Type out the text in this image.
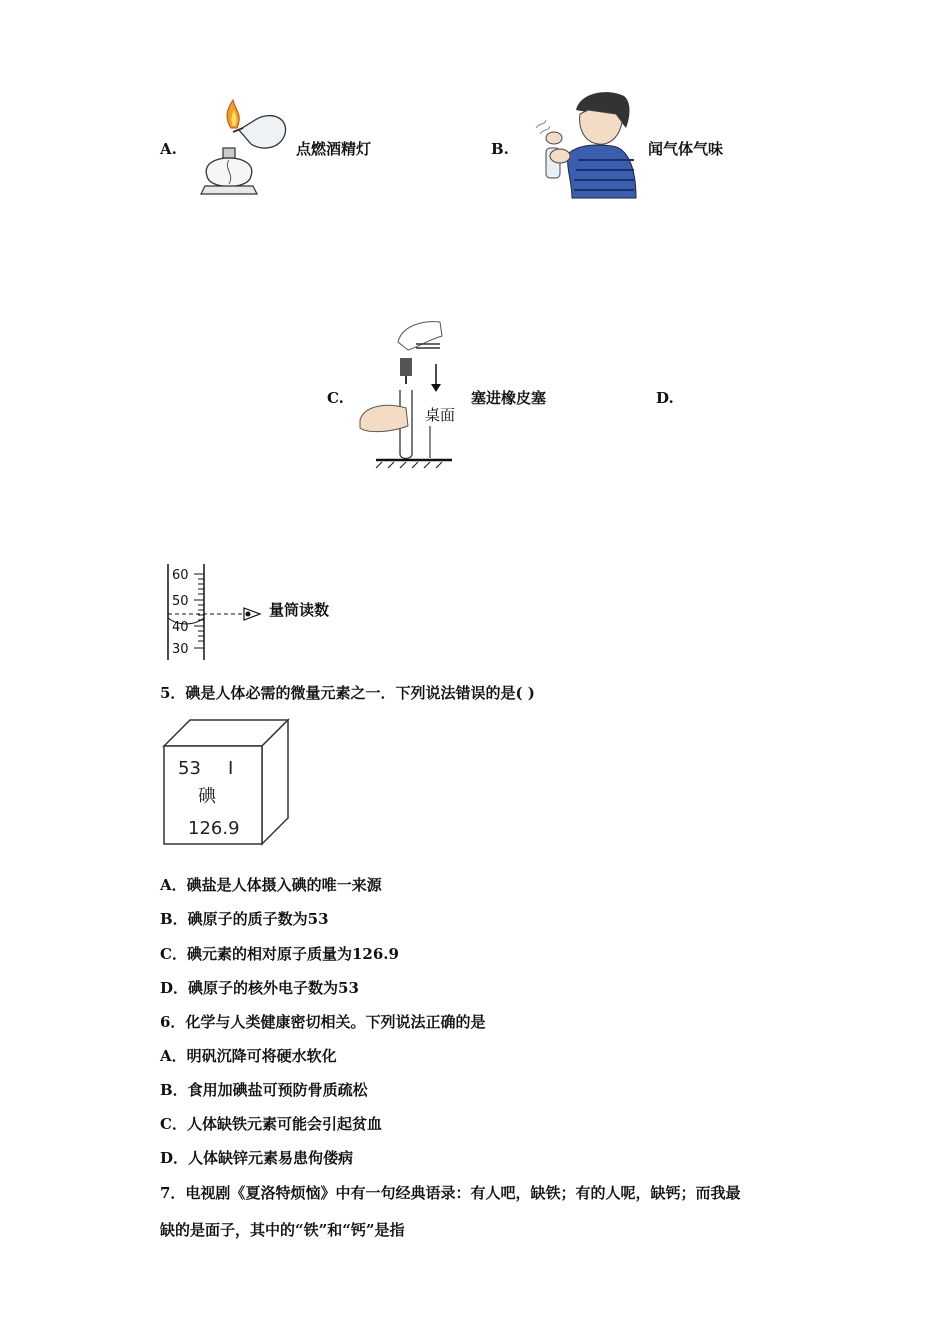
A.	点燃酒精灯	B.	闻气体气味
C.
桌面
塞进橡皮塞	D.
60
50
40
30
量筒读数
5．碘是人体必需的微量元素之一．下列说法错误的是( )
53 I
碘
126.9
A．碘盐是人体摄入碘的唯一来源
B．碘原子的质子数为53
C．碘元素的相对原子质量为126.9
D．碘原子的核外电子数为53
6．化学与人类健康密切相关。下列说法正确的是
A．明矾沉降可将硬水软化
B．食用加碘盐可预防骨质疏松
C．人体缺铁元素可能会引起贫血
D．人体缺锌元素易患佝偻病
7．电视剧《夏洛特烦恼》中有一句经典语录：有人吧，缺铁；有的人呢，缺钙；而我最
缺的是面子，其中的“铁”和“钙”是指
